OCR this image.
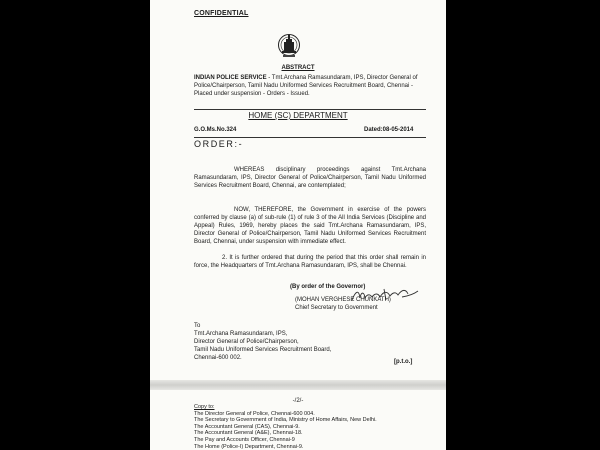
CONFIDENTIAL
ABSTRACT
INDIAN POLICE SERVICE - Tmt.Archana Ramasundaram, IPS, Director General of Police/Chairperson, Tamil Nadu Uniformed Services Recruitment Board, Chennai - Placed under suspension - Orders - Issued.
HOME (SC) DEPARTMENT
G.O.Ms.No.324	Dated:08-05-2014
ORDER:-
WHEREAS disciplinary proceedings against Tmt.Archana Ramasundaram, IPS, Director General of Police/Chairperson, Tamil Nadu Uniformed Services Recruitment Board, Chennai, are contemplated;
NOW, THEREFORE, the Government in exercise of the powers conferred by clause (a) of sub-rule (1) of rule 3 of the All India Services (Discipline and Appeal) Rules, 1969, hereby places the said Tmt.Archana Ramasundaram, IPS, Director General of Police/Chairperson, Tamil Nadu Uniformed Services Recruitment Board, Chennai, under suspension with immediate effect.
2. It is further ordered that during the period that this order shall remain in force, the Headquarters of Tmt.Archana Ramasundaram, IPS, shall be Chennai.
(By order of the Governor)
(MOHAN VERGHESE CHUNKATH)
Chief Secretary to Government
To
Tmt.Archana Ramasundaram, IPS,
Director General of Police/Chairperson,
Tamil Nadu Uniformed Services Recruitment Board,
Chennai-600 002.
[p.t.o.]
-/2/-
Copy to:
The Director General of Police, Chennai-600 004.
The Secretary to Government of India, Ministry of Home Affairs, New Delhi.
The Accountant General (CAS), Chennai-9.
The Accountant General (A&E), Chennai-18.
The Pay and Accounts Officer, Chennai-9
The Home (Police-I) Department, Chennai-9.
